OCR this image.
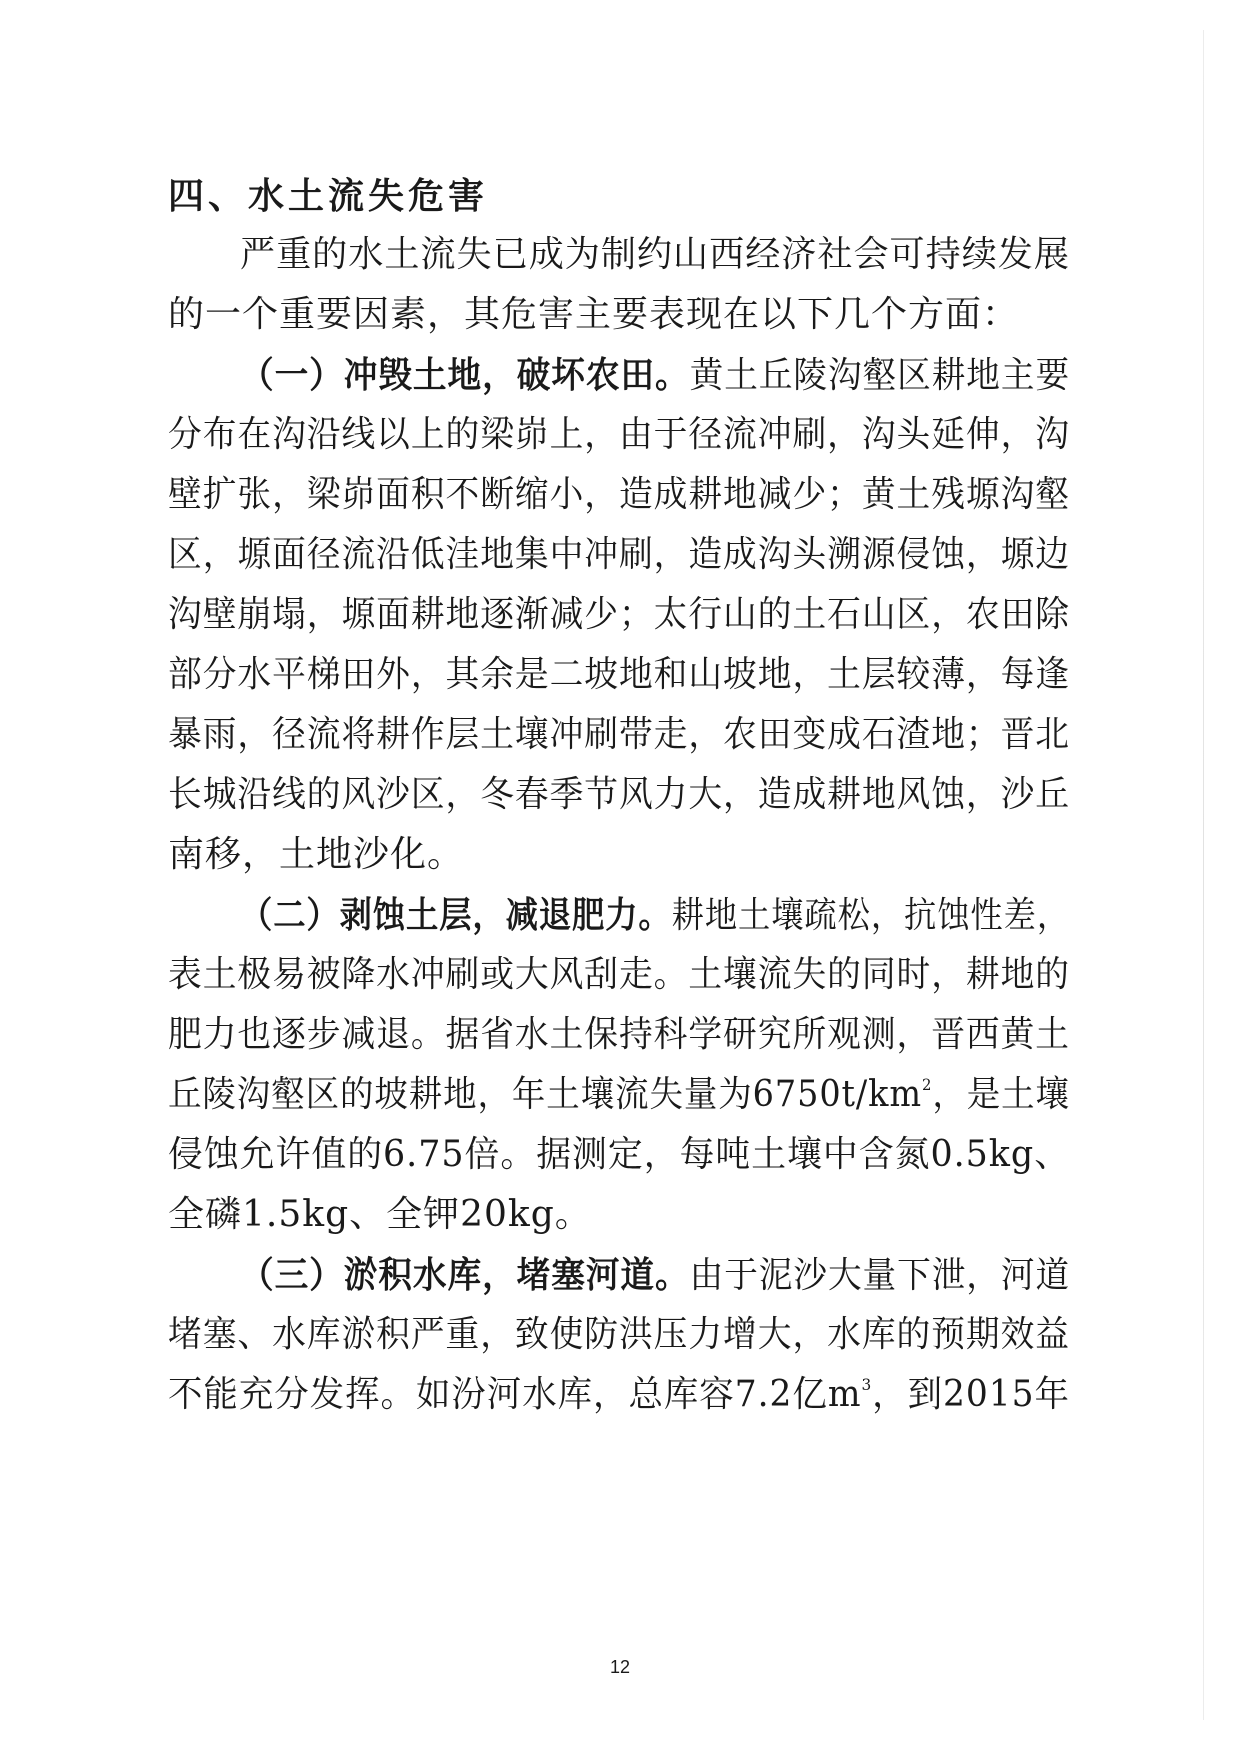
四、水土流失危害
严重的水土流失已成为制约山西经济社会可持续发展
的一个重要因素，其危害主要表现在以下几个方面：
（一）冲毁土地，破坏农田。黄土丘陵沟壑区耕地主要
分布在沟沿线以上的梁峁上，由于径流冲刷，沟头延伸，沟
壁扩张，梁峁面积不断缩小，造成耕地减少；黄土残塬沟壑
区，塬面径流沿低洼地集中冲刷，造成沟头溯源侵蚀，塬边
沟壁崩塌，塬面耕地逐渐减少；太行山的土石山区，农田除
部分水平梯田外，其余是二坡地和山坡地，土层较薄，每逢
暴雨，径流将耕作层土壤冲刷带走，农田变成石渣地；晋北
长城沿线的风沙区，冬春季节风力大，造成耕地风蚀，沙丘
南移，土地沙化。
（二）剥蚀土层，减退肥力。耕地土壤疏松，抗蚀性差，
表土极易被降水冲刷或大风刮走。土壤流失的同时，耕地的
肥力也逐步减退。据省水土保持科学研究所观测，晋西黄土
丘陵沟壑区的坡耕地，年土壤流失量为$6750t/km^2$，是土壤
侵蚀允许值的6.75倍。据测定，每吨土壤中含氮0.5kg、
全磷1.5kg、全钾20kg。
（三）淤积水库，堵塞河道。由于泥沙大量下泄，河道
堵塞、水库淤积严重，致使防洪压力增大，水库的预期效益
不能充分发挥。如汾河水库，总库容7.2亿$m^3$，到2015年
12
